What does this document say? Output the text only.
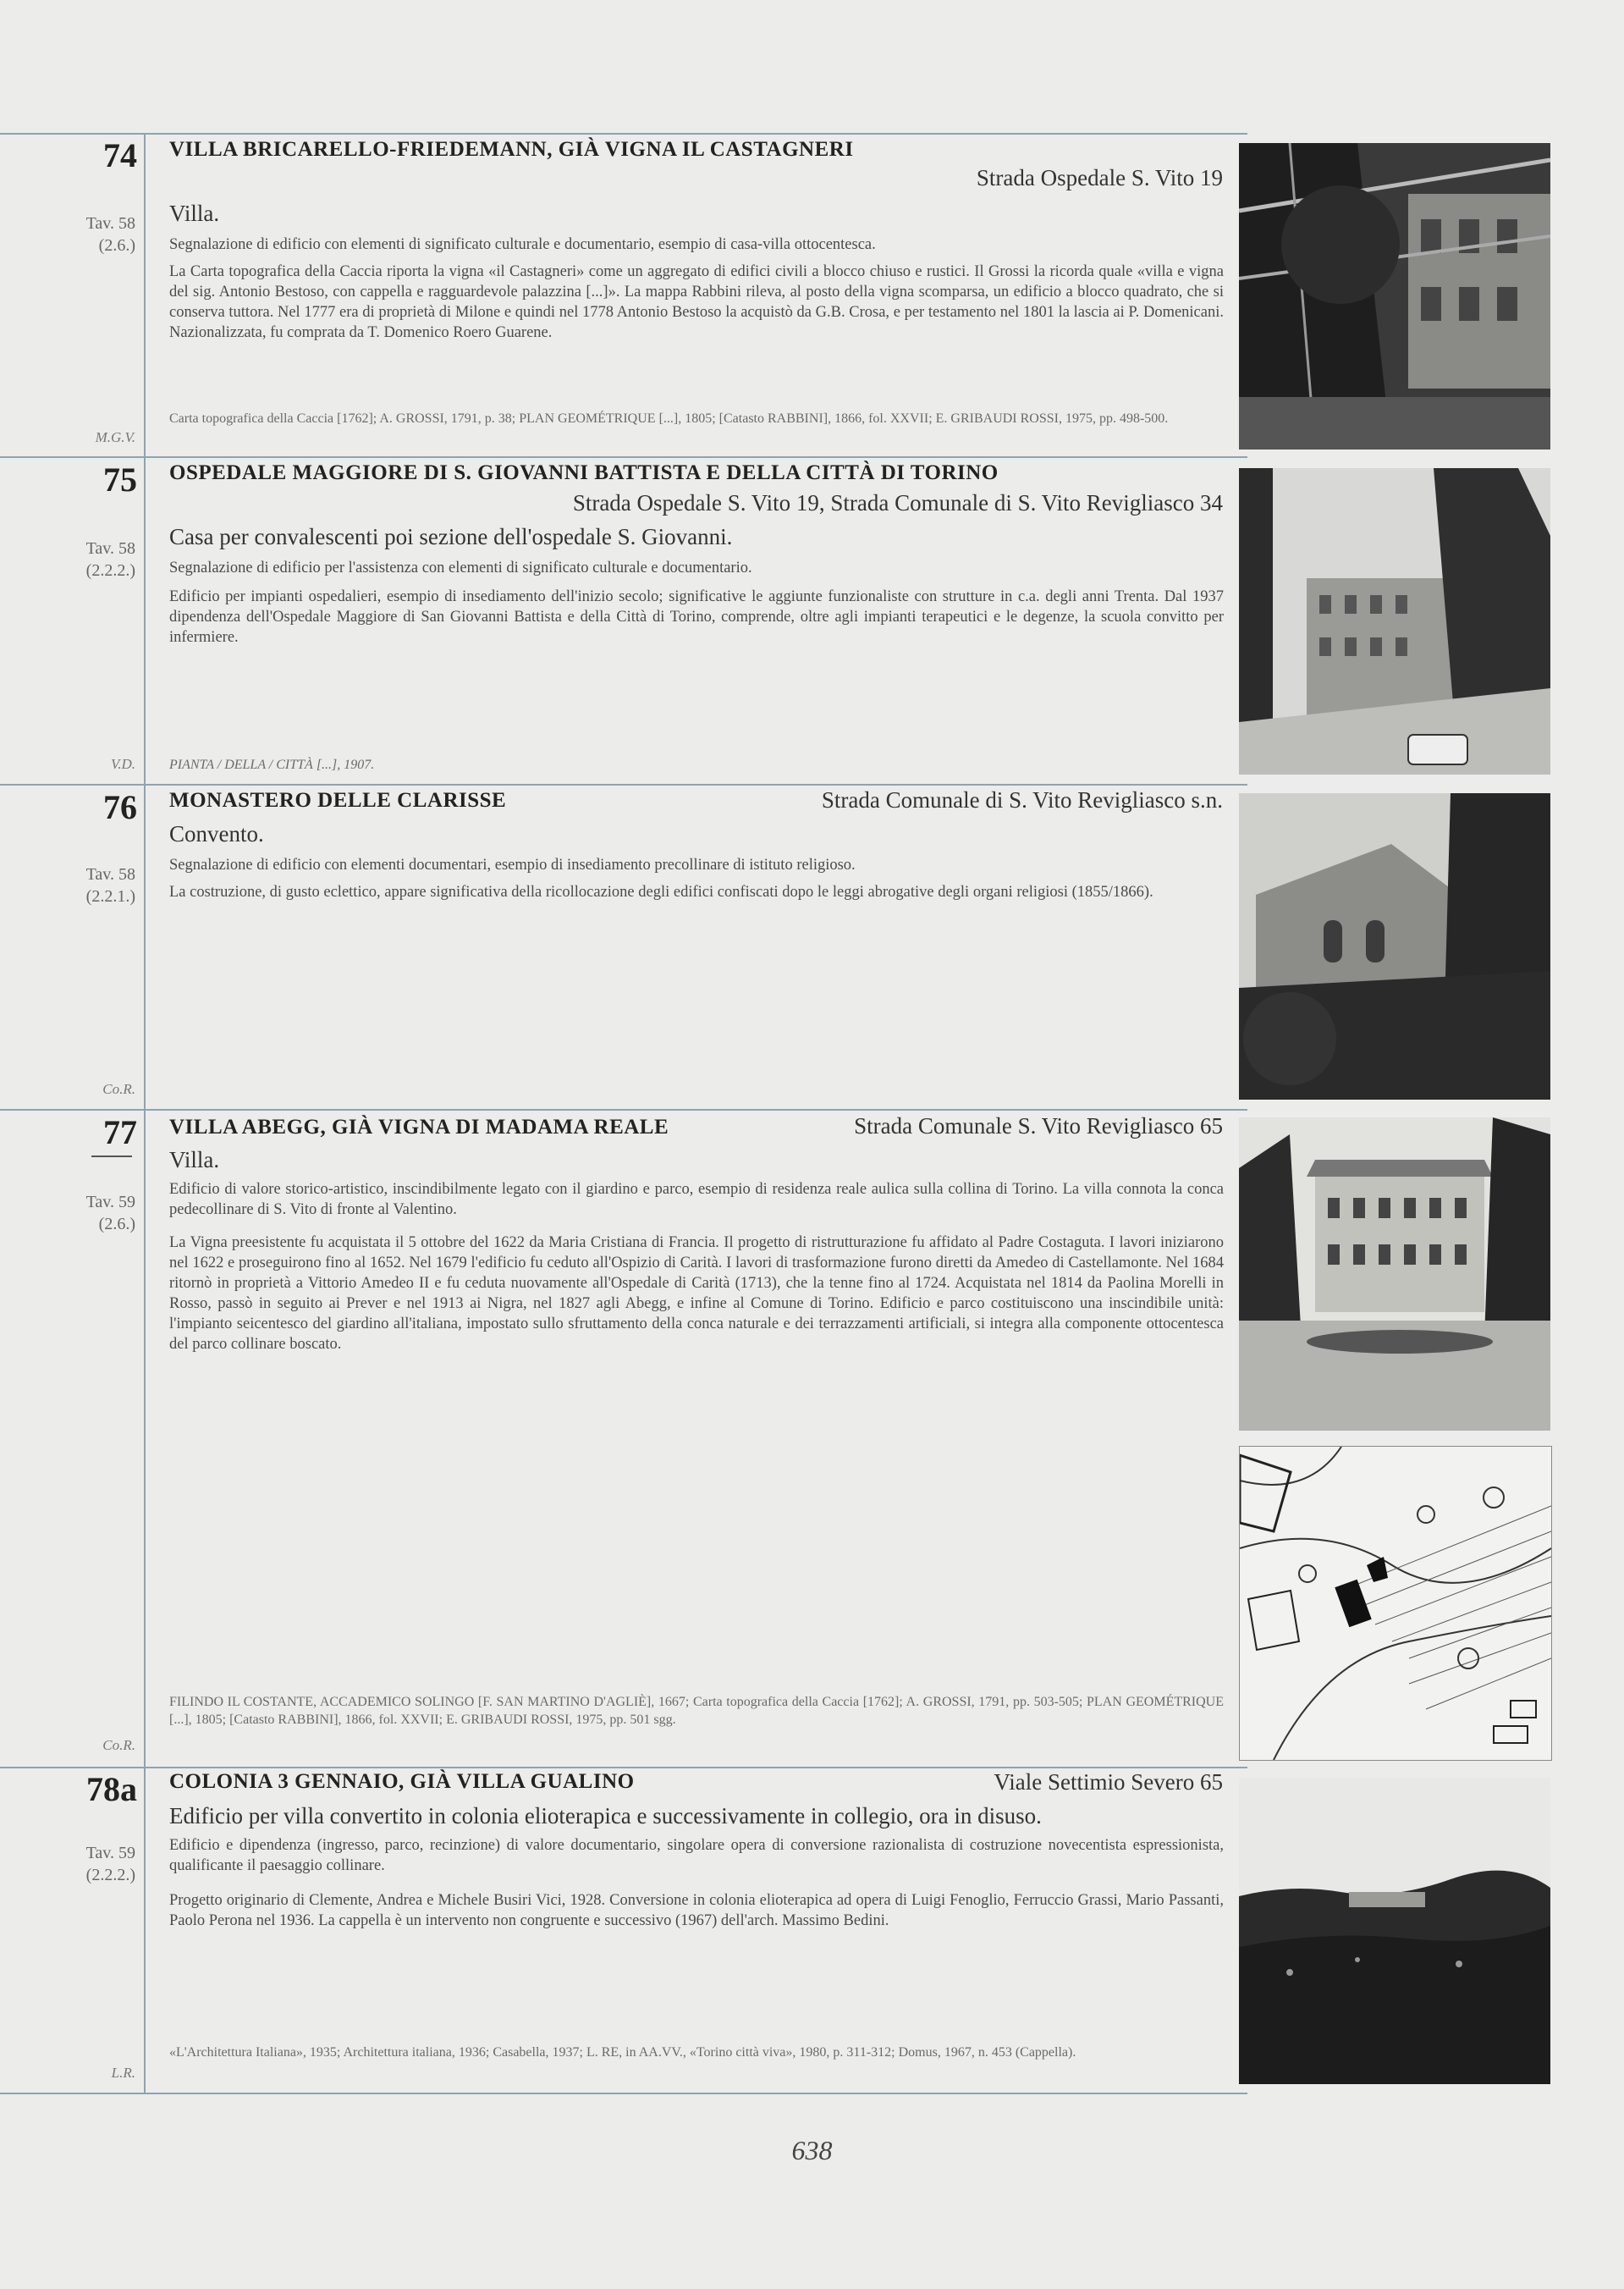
74
Tav. 58
(2.6.)
M.G.V.
VILLA BRICARELLO-FRIEDEMANN, GIÀ VIGNA IL CASTAGNERI
Strada Ospedale S. Vito 19
Villa.

Segnalazione di edificio con elementi di significato culturale e documentario, esempio di casa-villa ottocentesca.

La Carta topografica della Caccia riporta la vigna «il Castagneri» come un aggregato di edifici civili a blocco chiuso e rustici. Il Grossi la ricorda quale «villa e vigna del sig. Antonio Bestoso, con cappella e ragguardevole palazzina [...]». La mappa Rabbini rileva, al posto della vigna scomparsa, un edificio a blocco quadrato, che si conserva tuttora. Nel 1777 era di proprietà di Milone e quindi nel 1778 Antonio Bestoso la acquistò da G.B. Crosa, e per testamento nel 1801 la lascia ai P. Domenicani. Nazionalizzata, fu comprata da T. Domenico Roero Guarene.

Carta topografica della Caccia [1762]; A. GROSSI, 1791, p. 38; PLAN GEOMÉTRIQUE [...], 1805; [Catasto RABBINI], 1866, fol. XXVII; E. GRIBAUDI ROSSI, 1975, pp. 498-500.

75
Tav. 58
(2.2.2.)
V.D.
OSPEDALE MAGGIORE DI S. GIOVANNI BATTISTA E DELLA CITTÀ DI TORINO
Strada Ospedale S. Vito 19, Strada Comunale di S. Vito Revigliasco 34
Casa per convalescenti poi sezione dell'ospedale S. Giovanni.

Segnalazione di edificio per l'assistenza con elementi di significato culturale e documentario.

Edificio per impianti ospedalieri, esempio di insediamento dell'inizio secolo; significative le aggiunte funzionaliste con strutture in c.a. degli anni Trenta. Dal 1937 dipendenza dell'Ospedale Maggiore di San Giovanni Battista e della Città di Torino, comprende, oltre agli impianti terapeutici e le degenze, la scuola convitto per infermiere.

PIANTA / DELLA / CITTÀ [...], 1907.

76
Tav. 58
(2.2.1.)
Co.R.
MONASTERO DELLE CLARISSE	Strada Comunale di S. Vito Revigliasco s.n.
Convento.

Segnalazione di edificio con elementi documentari, esempio di insediamento precollinare di istituto religioso.

La costruzione, di gusto eclettico, appare significativa della ricollocazione degli edifici confiscati dopo le leggi abrogative degli organi religiosi (1855/1866).

77
Tav. 59
(2.6.)
Co.R.
VILLA ABEGG, GIÀ VIGNA DI MADAMA REALE	Strada Comunale S. Vito Revigliasco 65
Villa.

Edificio di valore storico-artistico, inscindibilmente legato con il giardino e parco, esempio di residenza reale aulica sulla collina di Torino. La villa connota la conca pedecollinare di S. Vito di fronte al Valentino.

La Vigna preesistente fu acquistata il 5 ottobre del 1622 da Maria Cristiana di Francia. Il progetto di ristrutturazione fu affidato al Padre Costaguta. I lavori iniziarono nel 1622 e proseguirono fino al 1652. Nel 1679 l'edificio fu ceduto all'Ospizio di Carità. I lavori di trasformazione furono diretti da Amedeo di Castellamonte. Nel 1684 ritornò in proprietà a Vittorio Amedeo II e fu ceduta nuovamente all'Ospedale di Carità (1713), che la tenne fino al 1724. Acquistata nel 1814 da Paolina Morelli in Rosso, passò in seguito ai Prever e nel 1913 ai Nigra, nel 1827 agli Abegg, e infine al Comune di Torino. Edificio e parco costituiscono una inscindibile unità: l'impianto seicentesco del giardino all'italiana, impostato sullo sfruttamento della conca naturale e dei terrazzamenti artificiali, si integra alla componente ottocentesca del parco collinare boscato.

FILINDO IL COSTANTE, ACCADEMICO SOLINGO [F. SAN MARTINO D'AGLIÈ], 1667; Carta topografica della Caccia [1762]; A. GROSSI, 1791, pp. 503-505; PLAN GEOMÉTRIQUE [...], 1805; [Catasto RABBINI], 1866, fol. XXVII; E. GRIBAUDI ROSSI, 1975, pp. 501 sgg.

78a
Tav. 59
(2.2.2.)
L.R.
COLONIA 3 GENNAIO, GIÀ VILLA GUALINO	Viale Settimio Severo 65
Edificio per villa convertito in colonia elioterapica e successivamente in collegio, ora in disuso.

Edificio e dipendenza (ingresso, parco, recinzione) di valore documentario, singolare opera di conversione razionalista di costruzione novecentista espressionista, qualificante il paesaggio collinare.

Progetto originario di Clemente, Andrea e Michele Busiri Vici, 1928. Conversione in colonia elioterapica ad opera di Luigi Fenoglio, Ferruccio Grassi, Mario Passanti, Paolo Perona nel 1936. La cappella è un intervento non congruente e successivo (1967) dell'arch. Massimo Bedini.

«L'Architettura Italiana», 1935; Architettura italiana, 1936; Casabella, 1937; L. RE, in AA.VV., «Torino città viva», 1980, p. 311-312; Domus, 1967, n. 453 (Cappella).

638
